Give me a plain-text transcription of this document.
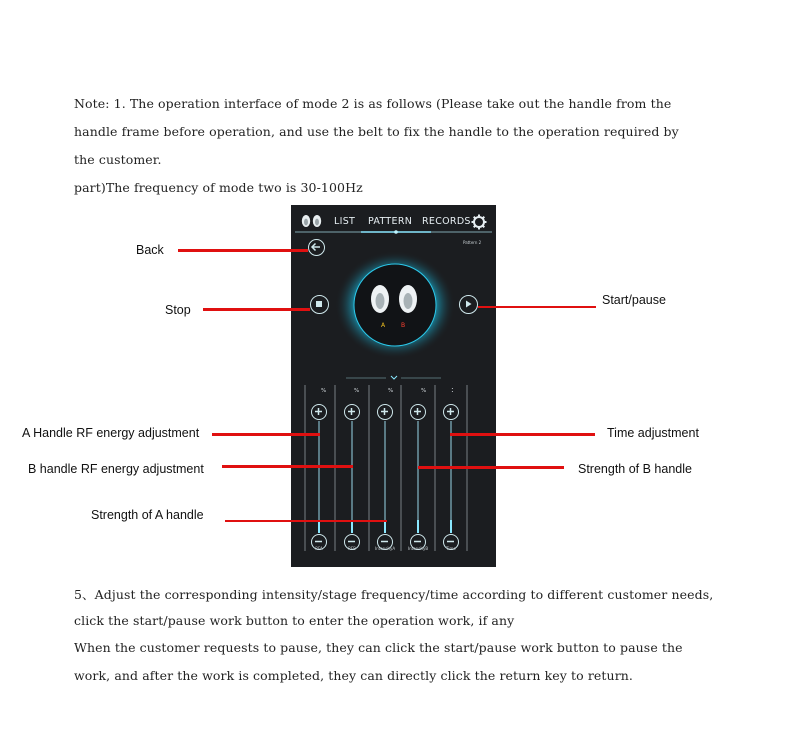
Note: 1. The operation interface of mode 2 is as follows (Please take out the handle from the
handle frame before operation, and use the belt to fix the handle to the operation required by
the customer.
part)The frequency of mode two is 30-100Hz
LIST PATTERN RECORDS
Pattern 2
A	B
%	%	%	%	:
RFA	RFB	IntensityA	IntensityB	Time
Back
Stop
Start/pause
A Handle RF energy adjustment
B handle RF energy adjustment
Strength of A handle
Time adjustment
Strength of B handle
5、Adjust the corresponding intensity/stage frequency/time according to different customer needs,
click the start/pause work button to enter the operation work, if any
When the customer requests to pause, they can click the start/pause work button to pause the
work, and after the work is completed, they can directly click the return key to return.
